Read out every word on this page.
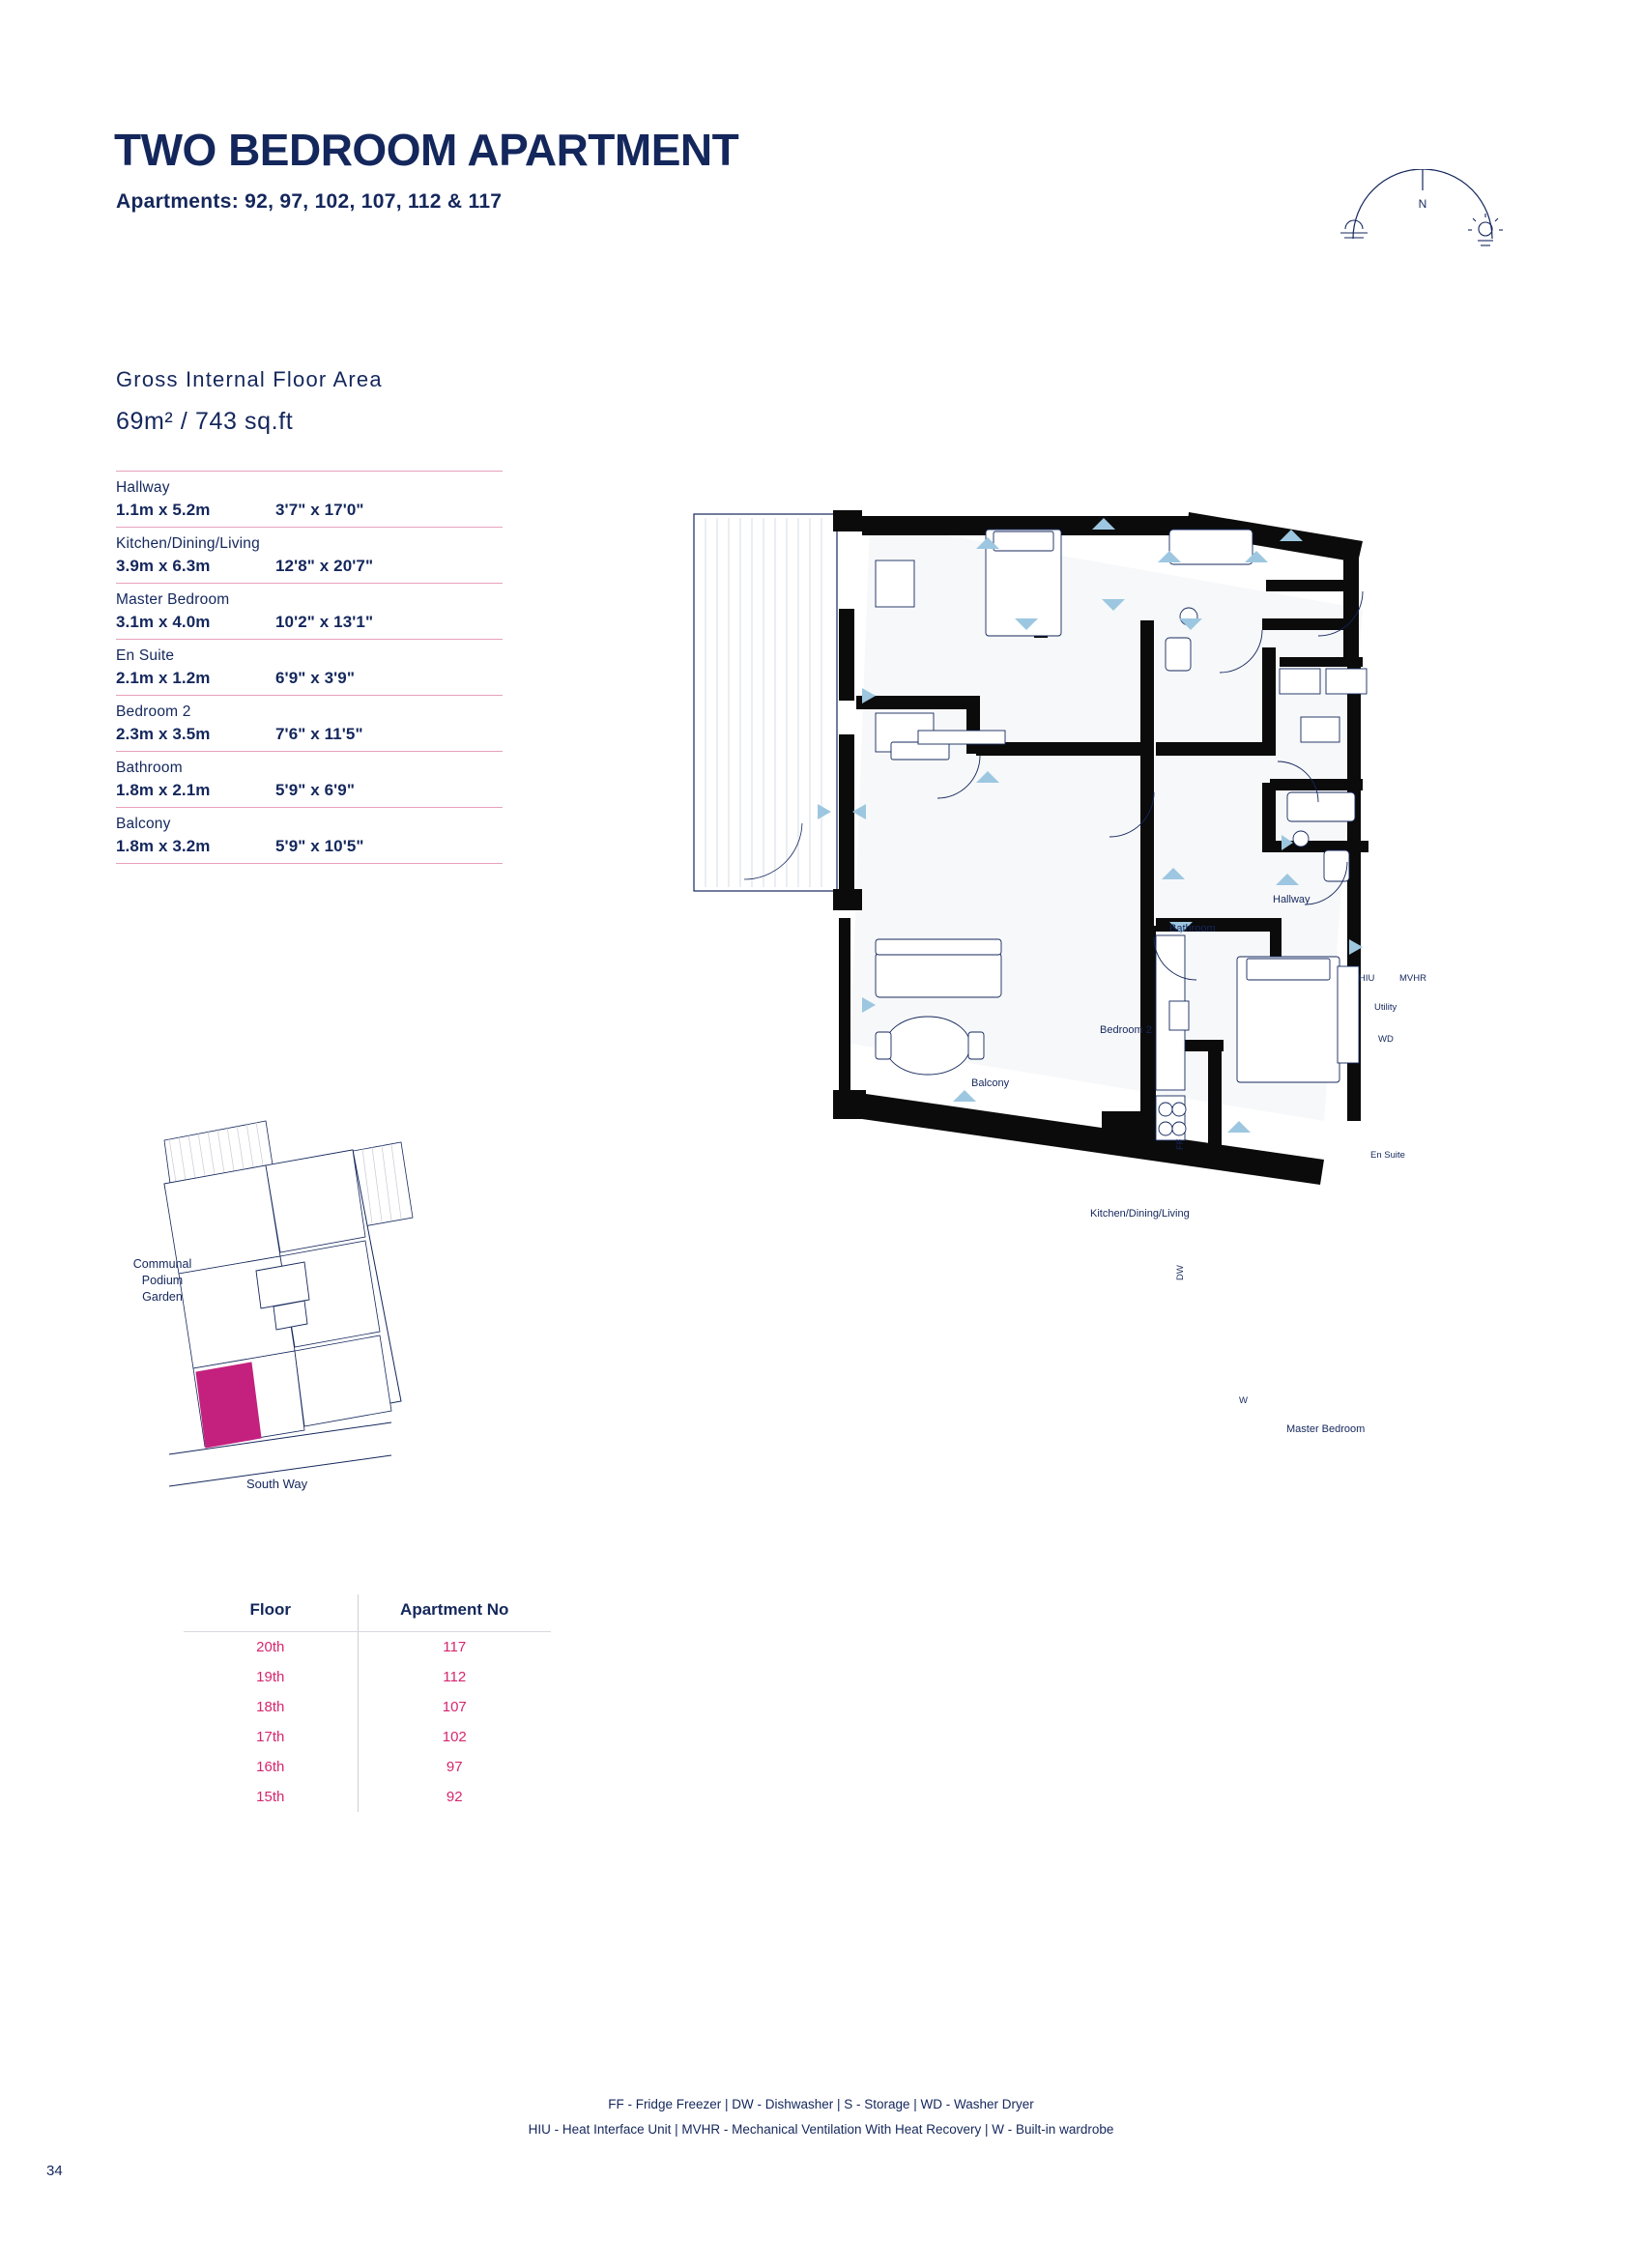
TWO BEDROOM APARTMENT
Apartments: 92, 97, 102, 107, 112 & 117	N
Gross Internal Floor Area
69m² / 743 sq.ft
Hallway
1.1m x 5.2m	3'7" x 17'0"
Kitchen/Dining/Living
3.9m x 6.3m	12'8" x 20'7"
Master Bedroom
3.1m x 4.0m	10'2" x 13'1"
En Suite
2.1m x 1.2m	6'9" x 3'9"
Bedroom 2
2.3m x 3.5m	7'6" x 11'5"
Bathroom
1.8m x 2.1m	5'9" x 6'9"
Balcony
1.8m x 3.2m	5'9" x 10'5"
Communal
Podium
Garden
South Way
Floor	Apartment No
20th	117
19th	112
18th	107
17th	102
16th	97
15th	92
Balcony
Bedroom 2
Bathroom
Hallway
Utility
HIU	MVHR
WD
En Suite
Kitchen/Dining/Living
Master Bedroom
FF
DW
W
FF - Fridge Freezer | DW - Dishwasher | S - Storage | WD - Washer Dryer
HIU - Heat Interface Unit | MVHR - Mechanical Ventilation With Heat Recovery | W - Built-in wardrobe
34
